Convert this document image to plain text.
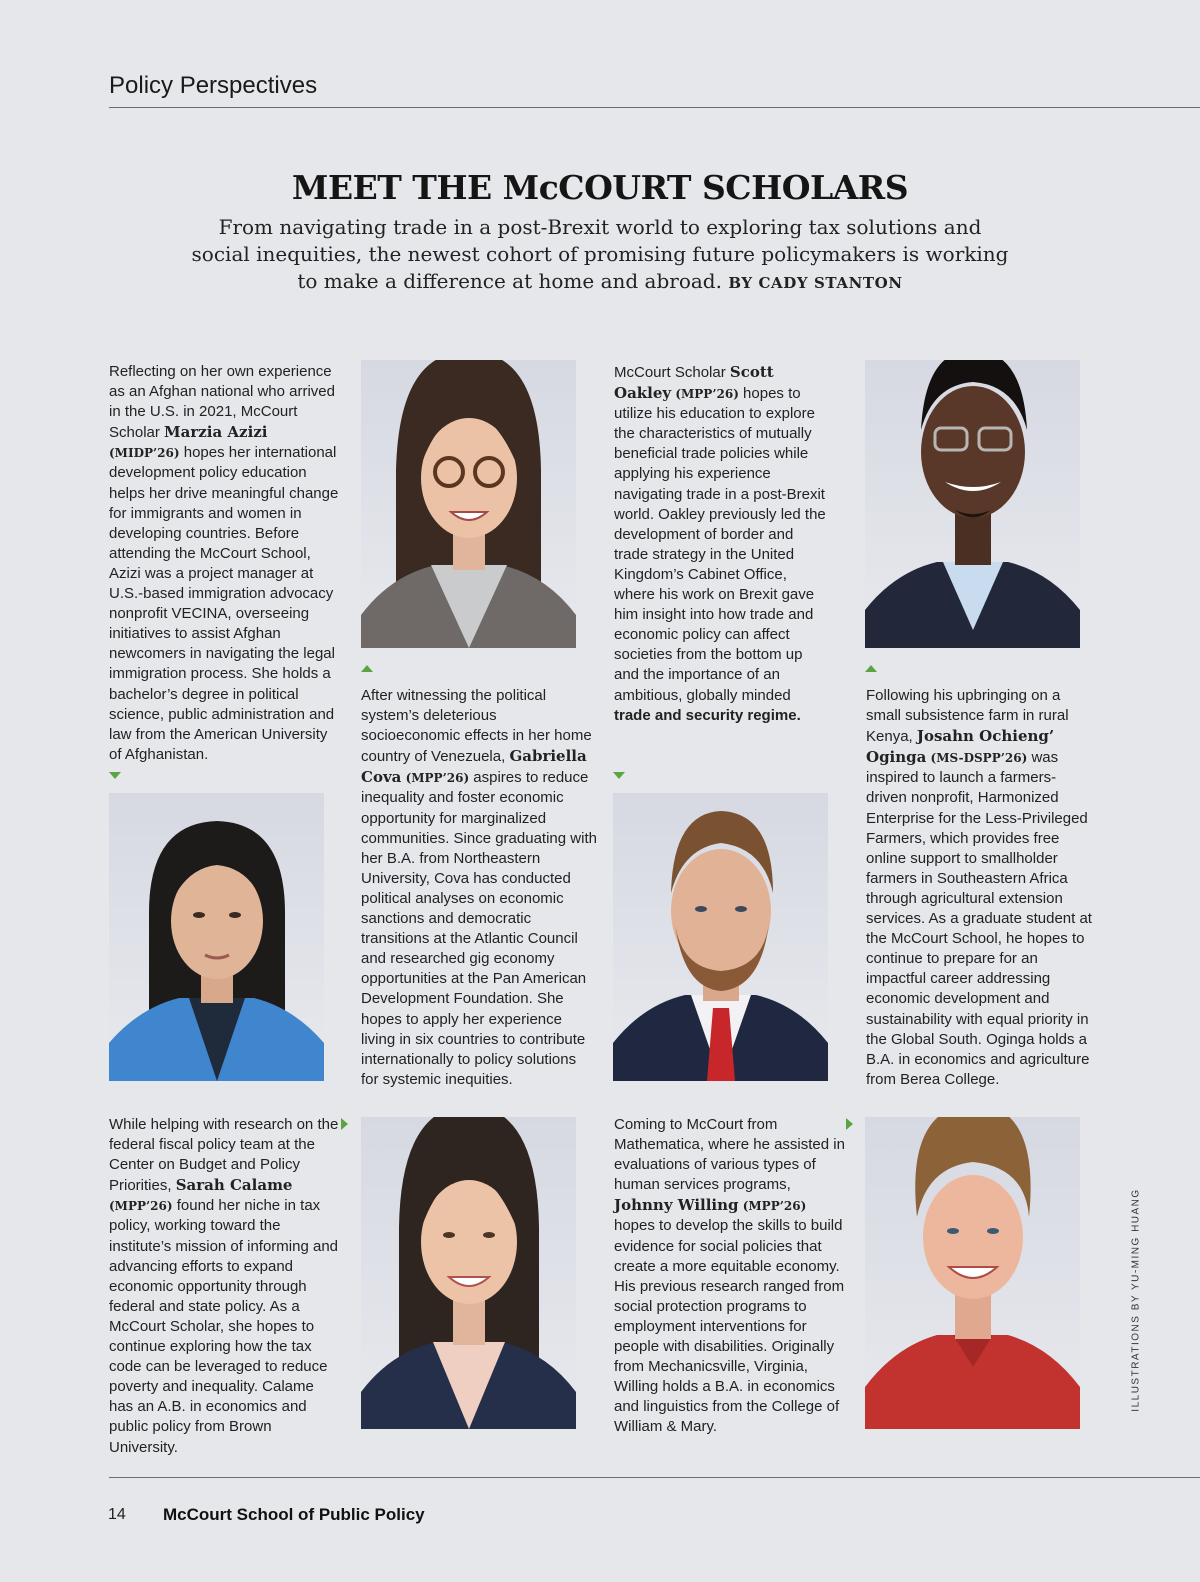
Policy Perspectives
MEET THE McCOURT SCHOLARS
From navigating trade in a post-Brexit world to exploring tax solutions and social inequities, the newest cohort of promising future policymakers is working to make a difference at home and abroad. BY CADY STANTON
Reflecting on her own experience as an Afghan national who arrived in the U.S. in 2021, McCourt Scholar Marzia Azizi (MIDP’26) hopes her international development policy education helps her drive meaningful change for immigrants and women in developing countries. Before attending the McCourt School, Azizi was a project manager at U.S.-based immigration advocacy nonprofit VECINA, overseeing initiatives to assist Afghan newcomers in navigating the legal immigration process. She holds a bachelor’s degree in political science, public administration and law from the American University of Afghanistan.
After witnessing the political system’s deleterious socioeconomic effects in her home country of Venezuela, Gabriella Cova (MPP’26) aspires to reduce inequality and foster economic opportunity for marginalized communities. Since graduating with her B.A. from Northeastern University, Cova has conducted political analyses on economic sanctions and democratic transitions at the Atlantic Council and researched gig economy opportunities at the Pan American Development Foundation. She hopes to apply her experience living in six countries to contribute internationally to policy solutions for systemic inequities.
McCourt Scholar Scott Oakley (MPP’26) hopes to utilize his education to explore the characteristics of mutually beneficial trade policies while applying his experience navigating trade in a post-Brexit world. Oakley previously led the development of border and trade strategy in the United Kingdom’s Cabinet Office, where his work on Brexit gave him insight into how trade and economic policy can affect societies from the bottom up and the importance of an ambitious, globally minded trade and security regime.
Following his upbringing on a small subsistence farm in rural Kenya, Josahn Ochieng’ Oginga (MS-DSPP’26) was inspired to launch a farmers-driven nonprofit, Harmonized Enterprise for the Less-Privileged Farmers, which provides free online support to smallholder farmers in Southeastern Africa through agricultural extension services. As a graduate student at the McCourt School, he hopes to continue to prepare for an impactful career addressing economic development and sustainability with equal priority in the Global South. Oginga holds a B.A. in economics and agriculture from Berea College.
While helping with research on the federal fiscal policy team at the Center on Budget and Policy Priorities, Sarah Calame (MPP’26) found her niche in tax policy, working toward the institute’s mission of informing and advancing efforts to expand economic opportunity through federal and state policy. As a McCourt Scholar, she hopes to continue exploring how the tax code can be leveraged to reduce poverty and inequality. Calame has an A.B. in economics and public policy from Brown University.
Coming to McCourt from Mathematica, where he assisted in evaluations of various types of human services programs, Johnny Willing (MPP’26) hopes to develop the skills to build evidence for social policies that create a more equitable economy. His previous research ranged from social protection programs to employment interventions for people with disabilities. Originally from Mechanicsville, Virginia, Willing holds a B.A. in economics and linguistics from the College of William & Mary.
ILLUSTRATIONS BY YU-MING HUANG
14 McCourt School of Public Policy
